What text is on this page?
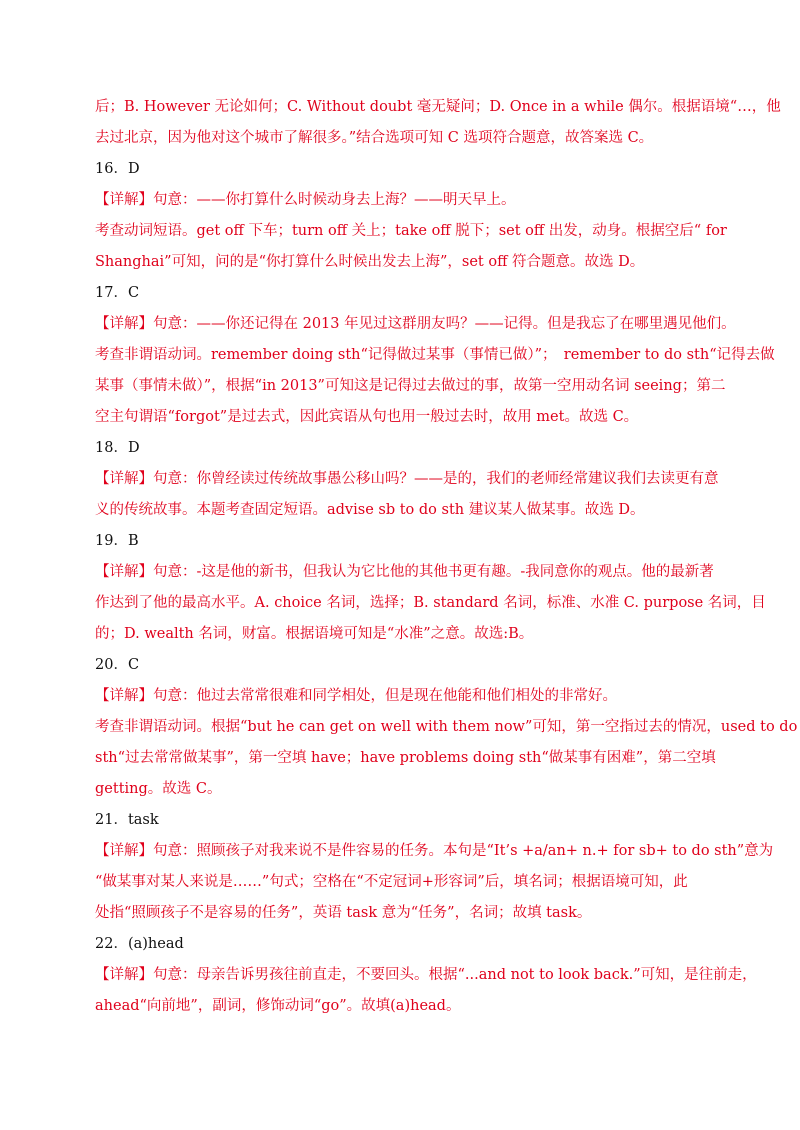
后；B. However 无论如何；C. Without doubt 毫无疑问；D. Once in a while 偶尔。根据语境“…，他
去过北京，因为他对这个城市了解很多。”结合选项可知 C 选项符合题意，故答案选 C。
16．D
【详解】句意：——你打算什么时候动身去上海？——明天早上。
考查动词短语。get off 下车；turn off 关上；take off 脱下；set off 出发，动身。根据空后“ for
Shanghai”可知，问的是“你打算什么时候出发去上海”，set off 符合题意。故选 D。
17．C
【详解】句意：——你还记得在 2013 年见过这群朋友吗？——记得。但是我忘了在哪里遇见他们。
考查非谓语动词。remember doing sth“记得做过某事（事情已做）”；　remember to do sth“记得去做
某事（事情未做）”，根据“in 2013”可知这是记得过去做过的事，故第一空用动名词 seeing；第二
空主句谓语“forgot”是过去式，因此宾语从句也用一般过去时，故用 met。故选 C。
18．D
【详解】句意：你曾经读过传统故事愚公移山吗？——是的，我们的老师经常建议我们去读更有意
义的传统故事。本题考查固定短语。advise sb to do sth 建议某人做某事。故选 D。
19．B
【详解】句意：-这是他的新书，但我认为它比他的其他书更有趣。-我同意你的观点。他的最新著
作达到了他的最高水平。A. choice 名词，选择；B. standard 名词，标准、水准 C. purpose 名词，目
的；D. wealth 名词，财富。根据语境可知是“水准”之意。故选:B。
20．C
【详解】句意：他过去常常很难和同学相处，但是现在他能和他们相处的非常好。
考查非谓语动词。根据“but he can get on well with them now”可知，第一空指过去的情况，used to do
sth“过去常常做某事”，第一空填 have；have problems doing sth“做某事有困难”，第二空填
getting。故选 C。
21．task
【详解】句意：照顾孩子对我来说不是件容易的任务。本句是“It’s +a/an+ n.+ for sb+ to do sth”意为
“做某事对某人来说是……”句式；空格在“不定冠词+形容词”后，填名词；根据语境可知，此
处指“照顾孩子不是容易的任务”，英语 task 意为“任务”，名词；故填 task。
22．(a)head
【详解】句意：母亲告诉男孩往前直走，不要回头。根据“...and not to look back.”可知，是往前走，
ahead“向前地”，副词，修饰动词“go”。故填(a)head。
